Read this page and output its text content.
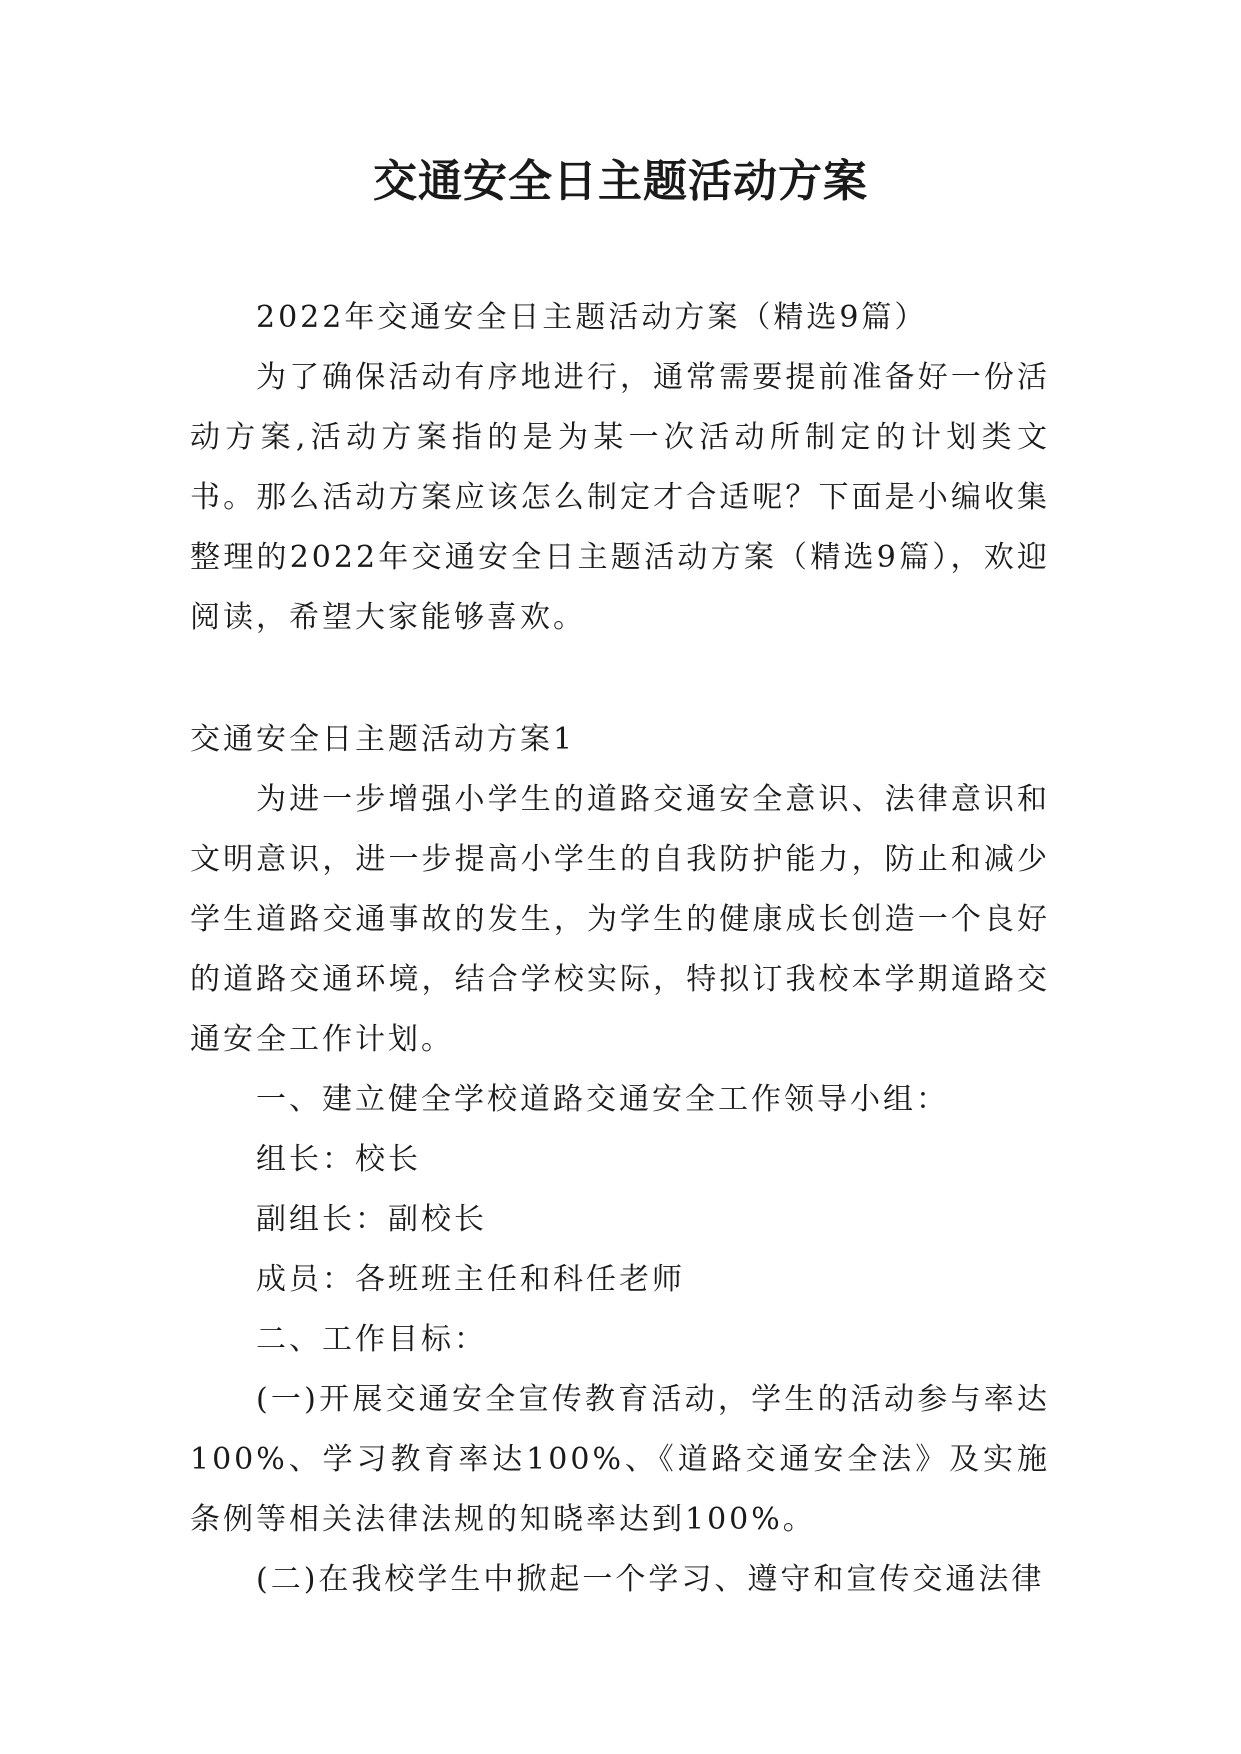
交通安全日主题活动方案

2022年交通安全日主题活动方案（精选9篇）

为了确保活动有序地进行，通常需要提前准备好一份活动方案,活动方案指的是为某一次活动所制定的计划类文书。那么活动方案应该怎么制定才合适呢？下面是小编收集整理的2022年交通安全日主题活动方案（精选9篇），欢迎阅读，希望大家能够喜欢。

交通安全日主题活动方案1

为进一步增强小学生的道路交通安全意识、法律意识和文明意识，进一步提高小学生的自我防护能力，防止和减少学生道路交通事故的发生，为学生的健康成长创造一个良好的道路交通环境，结合学校实际，特拟订我校本学期道路交通安全工作计划。

一、建立健全学校道路交通安全工作领导小组：

组长：校长

副组长：副校长

成员：各班班主任和科任老师

二、工作目标：

(一)开展交通安全宣传教育活动，学生的活动参与率达100%、学习教育率达100%、《道路交通安全法》及实施条例等相关法律法规的知晓率达到100%。

(二)在我校学生中掀起一个学习、遵守和宣传交通法律
